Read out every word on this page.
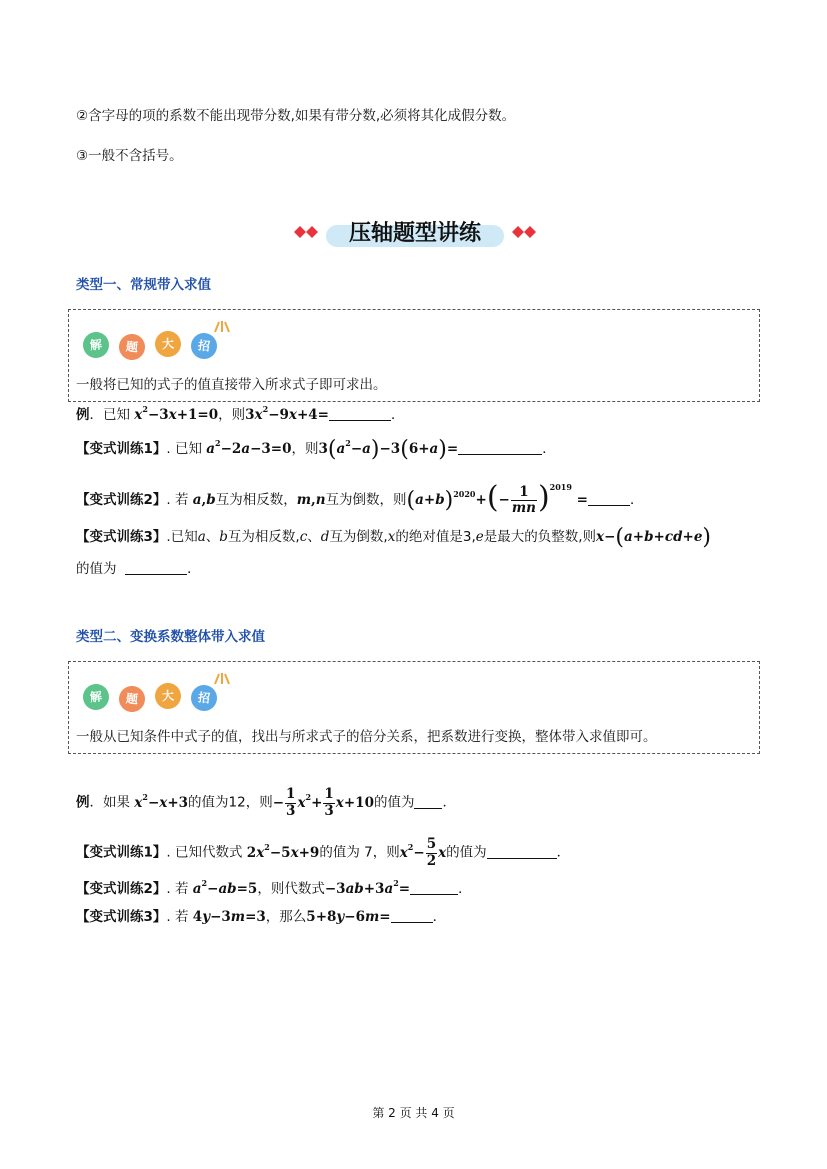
②含字母的项的系数不能出现带分数,如果有带分数,必须将其化成假分数。
③一般不含括号。
压轴题型讲练
类型一、常规带入求值
解	题	大	招
一般将已知的式子的值直接带入所求式子即可求出。
例．已知 $x^2-3x+1=0$，则$3x^2-9x+4=$	．
【变式训练1】. 已知 $a^2-2a-3=0$，则$3(a^2-a)-3(6+a)=$	．
【变式训练2】. 若 a,b互为相反数，m,n互为倒数，则$(a+b)^{2020}+(- \frac{1}{mn} )^{2019}$ =	．
【变式训练3】.已知a、b互为相反数,c、d互为倒数,x的绝对值是3,e是最大的负整数,则x−(a+b+cd+e)
的值为	．
类型二、变换系数整体带入求值
解	题	大	招
一般从已知条件中式子的值，找出与所求式子的倍分关系，把系数进行变换，整体带入求值即可。
例．如果 $x^2-x+3$的值为12，则− $\frac{1}{3} x^2+ \frac{1}{3} x+10$的值为 ．
【变式训练1】. 已知代数式 $2x^2-5x+9$的值为 7，则$x^2- \frac{5}{2}$ x的值为	．
【变式训练2】. 若 $a^2-ab=5$，则代数式$-3ab+3a^2=$	．
【变式训练3】. 若 4y−3m=3，那么5+8y−6m=	．
第 2 页 共 4 页
